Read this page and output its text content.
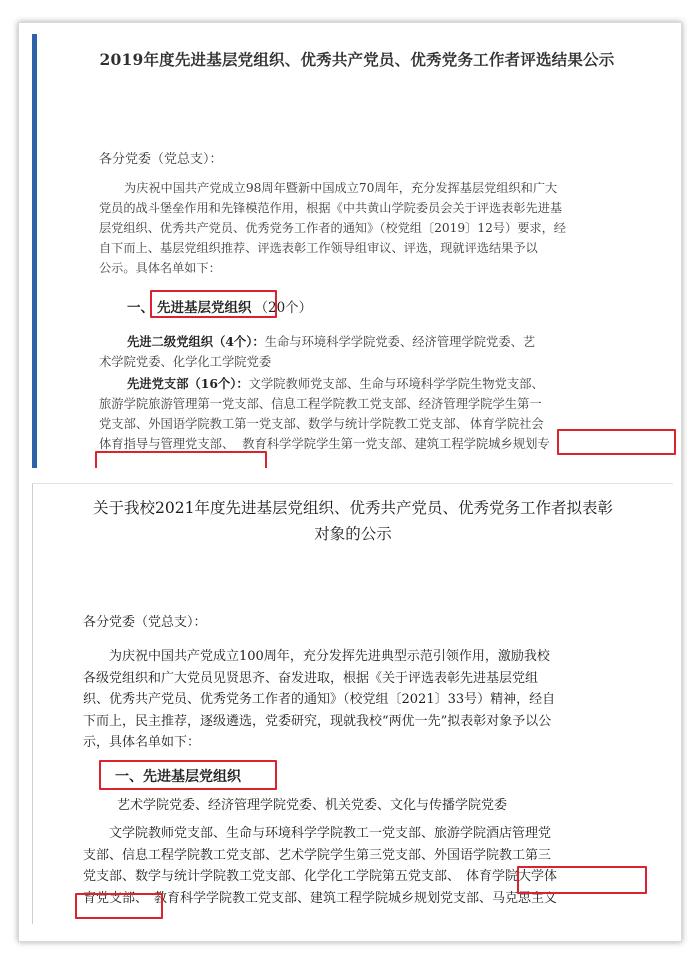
2019年度先进基层党组织、优秀共产党员、优秀党务工作者评选结果公示
各分党委（党总支）：
为庆祝中国共产党成立98周年暨新中国成立70周年，充分发挥基层党组织和广大
党员的战斗堡垒作用和先锋模范作用，根据《中共黄山学院委员会关于评选表彰先进基
层党组织、优秀共产党员、优秀党务工作者的通知》（校党组〔2019〕12号）要求，经
自下而上、基层党组织推荐、评选表彰工作领导组审议、评选，现就评选结果予以
公示。具体名单如下：
一、 先进基层党组织 （20个）
先进二级党组织（4个）：生命与环境科学学院党委、经济管理学院党委、艺
术学院党委、化学化工学院党委
先进党支部（16个）：文学院教师党支部、生命与环境科学学院生物党支部、
旅游学院旅游管理第一党支部、信息工程学院教工党支部、经济管理学院学生第一
党支部、外国语学院教工第一党支部、数学与统计学院教工党支部、 体育学院社会
体育指导与管理党支部、 教育科学学院学生第一党支部、建筑工程学院城乡规划专
关于我校2021年度先进基层党组织、优秀共产党员、优秀党务工作者拟表彰
对象的公示
各分党委（党总支）：
为庆祝中国共产党成立100周年，充分发挥先进典型示范引领作用，激励我校
各级党组织和广大党员见贤思齐、奋发进取，根据《关于评选表彰先进基层党组
织、优秀共产党员、优秀党务工作者的通知》（校党组〔2021〕33号）精神，经自
下而上，民主推荐，逐级遴选，党委研究，现就我校“两优一先”拟表彰对象予以公
示，具体名单如下：
一、先进基层党组织
艺术学院党委、经济管理学院党委、机关党委、文化与传播学院党委
文学院教师党支部、生命与环境科学学院教工一党支部、旅游学院酒店管理党
支部、信息工程学院教工党支部、艺术学院学生第三党支部、外国语学院教工第三
党支部、数学与统计学院教工党支部、化学化工学院第五党支部、 体育学院大学体
育党支部、 教育科学学院教工党支部、建筑工程学院城乡规划党支部、马克思主义
